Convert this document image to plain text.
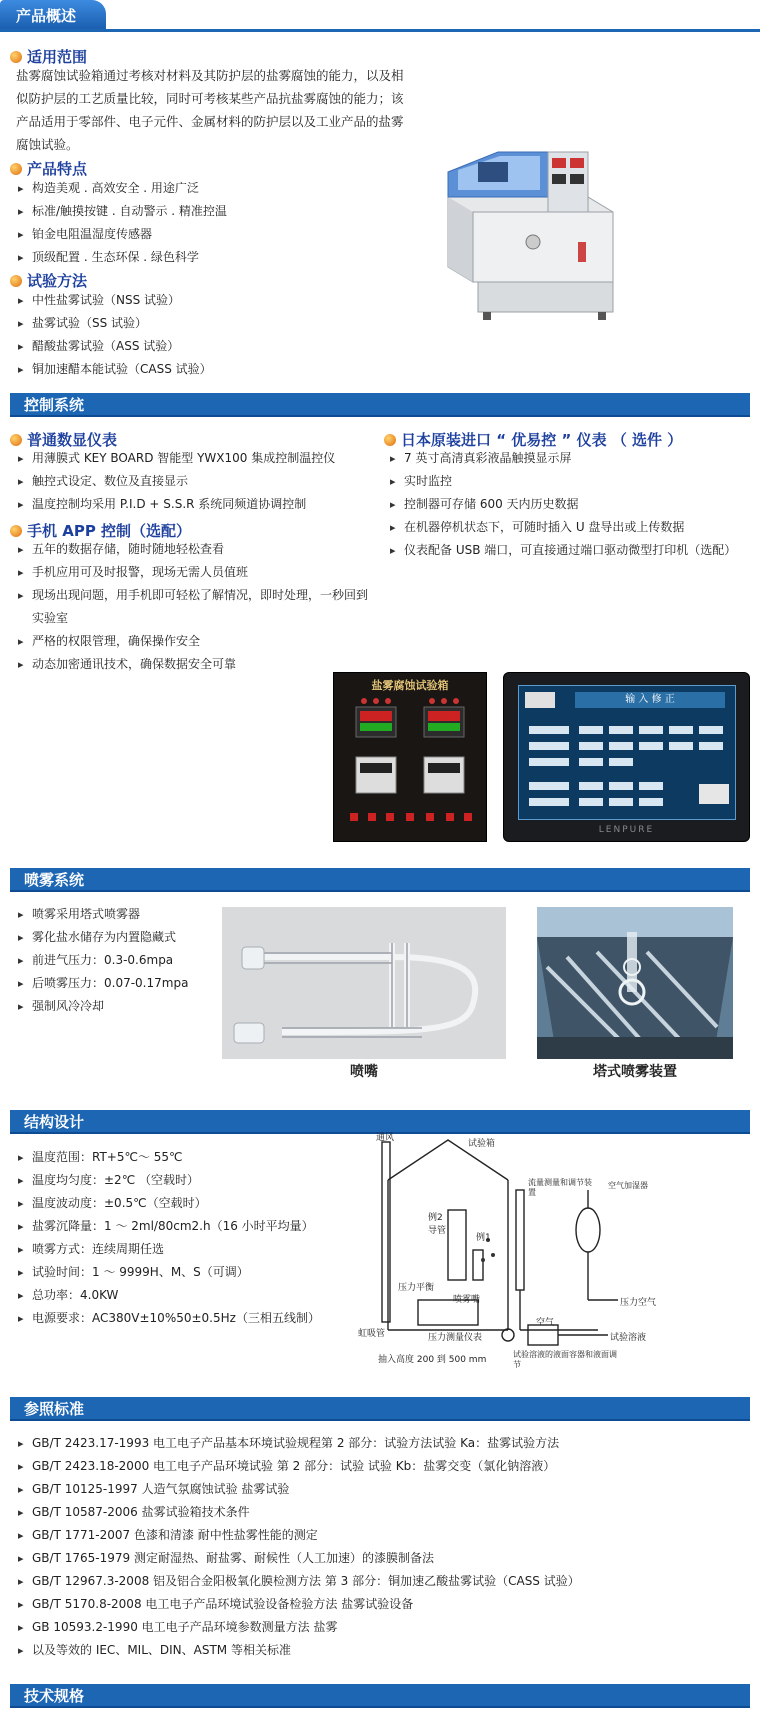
产品概述
适用范围
盐雾腐蚀试验箱通过考核对材料及其防护层的盐雾腐蚀的能力，以及相似防护层的工艺质量比较，同时可考核某些产品抗盐雾腐蚀的能力；该产品适用于零部件、电子元件、金属材料的防护层以及工业产品的盐雾腐蚀试验。
产品特点
▸ 构造美观 . 高效安全 . 用途广泛
▸ 标准/触摸按键 . 自动警示 . 精准控温
▸ 铂金电阻温湿度传感器
▸ 顶级配置 . 生态环保 . 绿色科学
试验方法
▸ 中性盐雾试验（NSS 试验）
▸ 盐雾试验（SS 试验）
▸ 醋酸盐雾试验（ASS 试验）
▸ 铜加速醋本能试验（CASS 试验）
控制系统
普通数显仪表
▸ 用薄膜式 KEY BOARD 智能型 YWX100 集成控制温控仪
▸ 触控式设定、数位及直接显示
▸ 温度控制均采用 P.I.D + S.S.R 系统同频道协调控制
手机 APP 控制（选配）
▸ 五年的数据存储，随时随地轻松查看
▸ 手机应用可及时报警，现场无需人员值班
▸ 现场出现问题，用手机即可轻松了解情况，即时处理，一秒回到实验室
▸ 严格的权限管理，确保操作安全
▸ 动态加密通讯技术，确保数据安全可靠
日本原装进口 “ 优易控 ” 仪表 （ 选件 ）
▸ 7 英寸高清真彩液晶触摸显示屏
▸ 实时监控
▸ 控制器可存储 600 天内历史数据
▸ 在机器停机状态下，可随时插入 U 盘导出或上传数据
▸ 仪表配备 USB 端口，可直接通过端口驱动微型打印机（选配）
盐雾腐蚀试验箱
输 入 修 正
LENPURE
喷雾系统
▸ 喷雾采用塔式喷雾器
▸ 雾化盐水储存为内置隐藏式
▸ 前进气压力：0.3-0.6mpa
▸ 后喷雾压力：0.07-0.17mpa
▸ 强制风冷冷却
喷嘴	塔式喷雾装置
结构设计
▸ 温度范围：RT+5℃～ 55℃
▸ 温度均匀度：±2℃ （空载时）
▸ 温度波动度：±0.5℃（空载时）
▸ 盐雾沉降量：1 ～ 2ml/80cm2.h（16 小时平均量）
▸ 喷雾方式：连续周期任选
▸ 试验时间：1 ～ 9999H、M、S（可调）
▸ 总功率：4.0KW
▸ 电源要求：AC380V±10%50±0.5Hz（三相五线制）
通风
试验箱
流量测量和调节装置
空气加湿器
例2导管
例1
压力平衡
喷雾嘴
空气
压力空气
虹吸管	压力测量仪表	试验溶液
抽入高度 200 到 500 mm
试验溶液的液面容器和液面调节
参照标准
▸ GB/T 2423.17-1993 电工电子产品基本环境试验规程第 2 部分：试验方法试验 Ka：盐雾试验方法
▸ GB/T 2423.18-2000 电工电子产品环境试验 第 2 部分：试验 试验 Kb：盐雾交变（氯化钠溶液）
▸ GB/T 10125-1997 人造气氛腐蚀试验 盐雾试验
▸ GB/T 10587-2006 盐雾试验箱技术条件
▸ GB/T 1771-2007 色漆和清漆 耐中性盐雾性能的测定
▸ GB/T 1765-1979 测定耐湿热、耐盐雾、耐候性（人工加速）的漆膜制备法
▸ GB/T 12967.3-2008 铝及铝合金阳极氧化膜检测方法 第 3 部分：铜加速乙酸盐雾试验（CASS 试验）
▸ GB/T 5170.8-2008 电工电子产品环境试验设备检验方法 盐雾试验设备
▸ GB 10593.2-1990 电工电子产品环境参数测量方法 盐雾
▸ 以及等效的 IEC、MIL、DIN、ASTM 等相关标准
技术规格
